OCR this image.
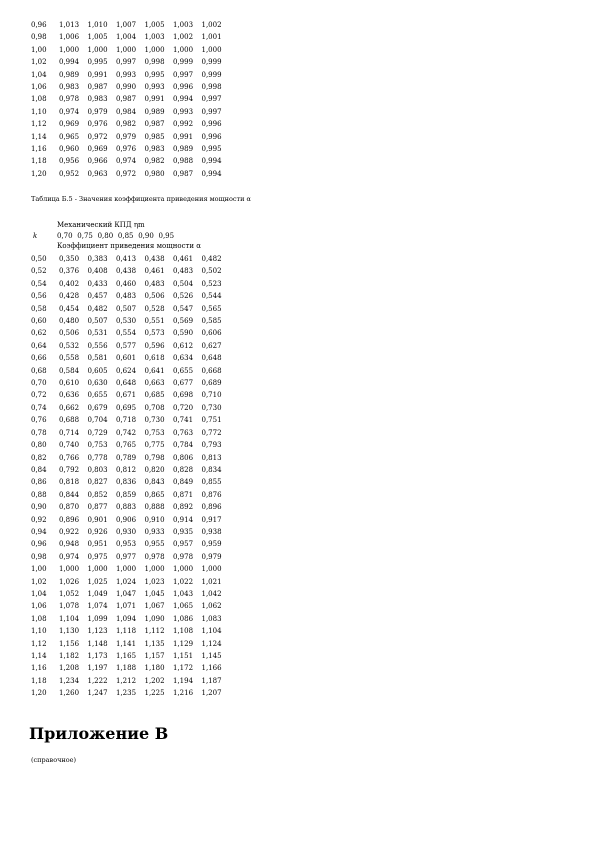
0,96	1,013	1,010	1,007	1,005	1,003	1,002
0,98	1,006	1,005	1,004	1,003	1,002	1,001
1,00	1,000	1,000	1,000	1,000	1,000	1,000
1,02	0,994	0,995	0,997	0,998	0,999	0,999
1,04	0,989	0,991	0,993	0,995	0,997	0,999
1,06	0,983	0,987	0,990	0,993	0,996	0,998
1,08	0,978	0,983	0,987	0,991	0,994	0,997
1,10	0,974	0,979	0,984	0,989	0,993	0,997
1,12	0,969	0,976	0,982	0,987	0,992	0,996
1,14	0,965	0,972	0,979	0,985	0,991	0,996
1,16	0,960	0,969	0,976	0,983	0,989	0,995
1,18	0,956	0,966	0,974	0,982	0,988	0,994
1,20	0,952	0,963	0,972	0,980	0,987	0,994
Таблица Б.5 - Значения коэффициента приведения мощности α
Механический КПД ηm
k	0,70 0,75 0,80 0,85 0,90 0,95
Коэффициент приведения мощности α
0,50	0,350	0,383	0,413	0,438	0,461	0,482
0,52	0,376	0,408	0,438	0,461	0,483	0,502
0,54	0,402	0,433	0,460	0,483	0,504	0,523
0,56	0,428	0,457	0,483	0,506	0,526	0,544
0,58	0,454	0,482	0,507	0,528	0,547	0,565
0,60	0,480	0,507	0,530	0,551	0,569	0,585
0,62	0,506	0,531	0,554	0,573	0,590	0,606
0,64	0,532	0,556	0,577	0,596	0,612	0,627
0,66	0,558	0,581	0,601	0,618	0,634	0,648
0,68	0,584	0,605	0,624	0,641	0,655	0,668
0,70	0,610	0,630	0,648	0,663	0,677	0,689
0,72	0,636	0,655	0,671	0,685	0,698	0,710
0,74	0,662	0,679	0,695	0,708	0,720	0,730
0,76	0,688	0,704	0,718	0,730	0,741	0,751
0,78	0,714	0,729	0,742	0,753	0,763	0,772
0,80	0,740	0,753	0,765	0,775	0,784	0,793
0,82	0,766	0,778	0,789	0,798	0,806	0,813
0,84	0,792	0,803	0,812	0,820	0,828	0,834
0,86	0,818	0,827	0,836	0,843	0,849	0,855
0,88	0,844	0,852	0,859	0,865	0,871	0,876
0,90	0,870	0,877	0,883	0,888	0,892	0,896
0,92	0,896	0,901	0,906	0,910	0,914	0,917
0,94	0,922	0,926	0,930	0,933	0,935	0,938
0,96	0,948	0,951	0,953	0,955	0,957	0,959
0,98	0,974	0,975	0,977	0,978	0,978	0,979
1,00	1,000	1,000	1,000	1,000	1,000	1,000
1,02	1,026	1,025	1,024	1,023	1,022	1,021
1,04	1,052	1,049	1,047	1,045	1,043	1,042
1,06	1,078	1,074	1,071	1,067	1,065	1,062
1,08	1,104	1,099	1,094	1,090	1,086	1,083
1,10	1,130	1,123	1,118	1,112	1,108	1,104
1,12	1,156	1,148	1,141	1,135	1,129	1,124
1,14	1,182	1,173	1,165	1,157	1,151	1,145
1,16	1,208	1,197	1,188	1,180	1,172	1,166
1,18	1,234	1,222	1,212	1,202	1,194	1,187
1,20	1,260	1,247	1,235	1,225	1,216	1,207
Приложение В
(справочное)
